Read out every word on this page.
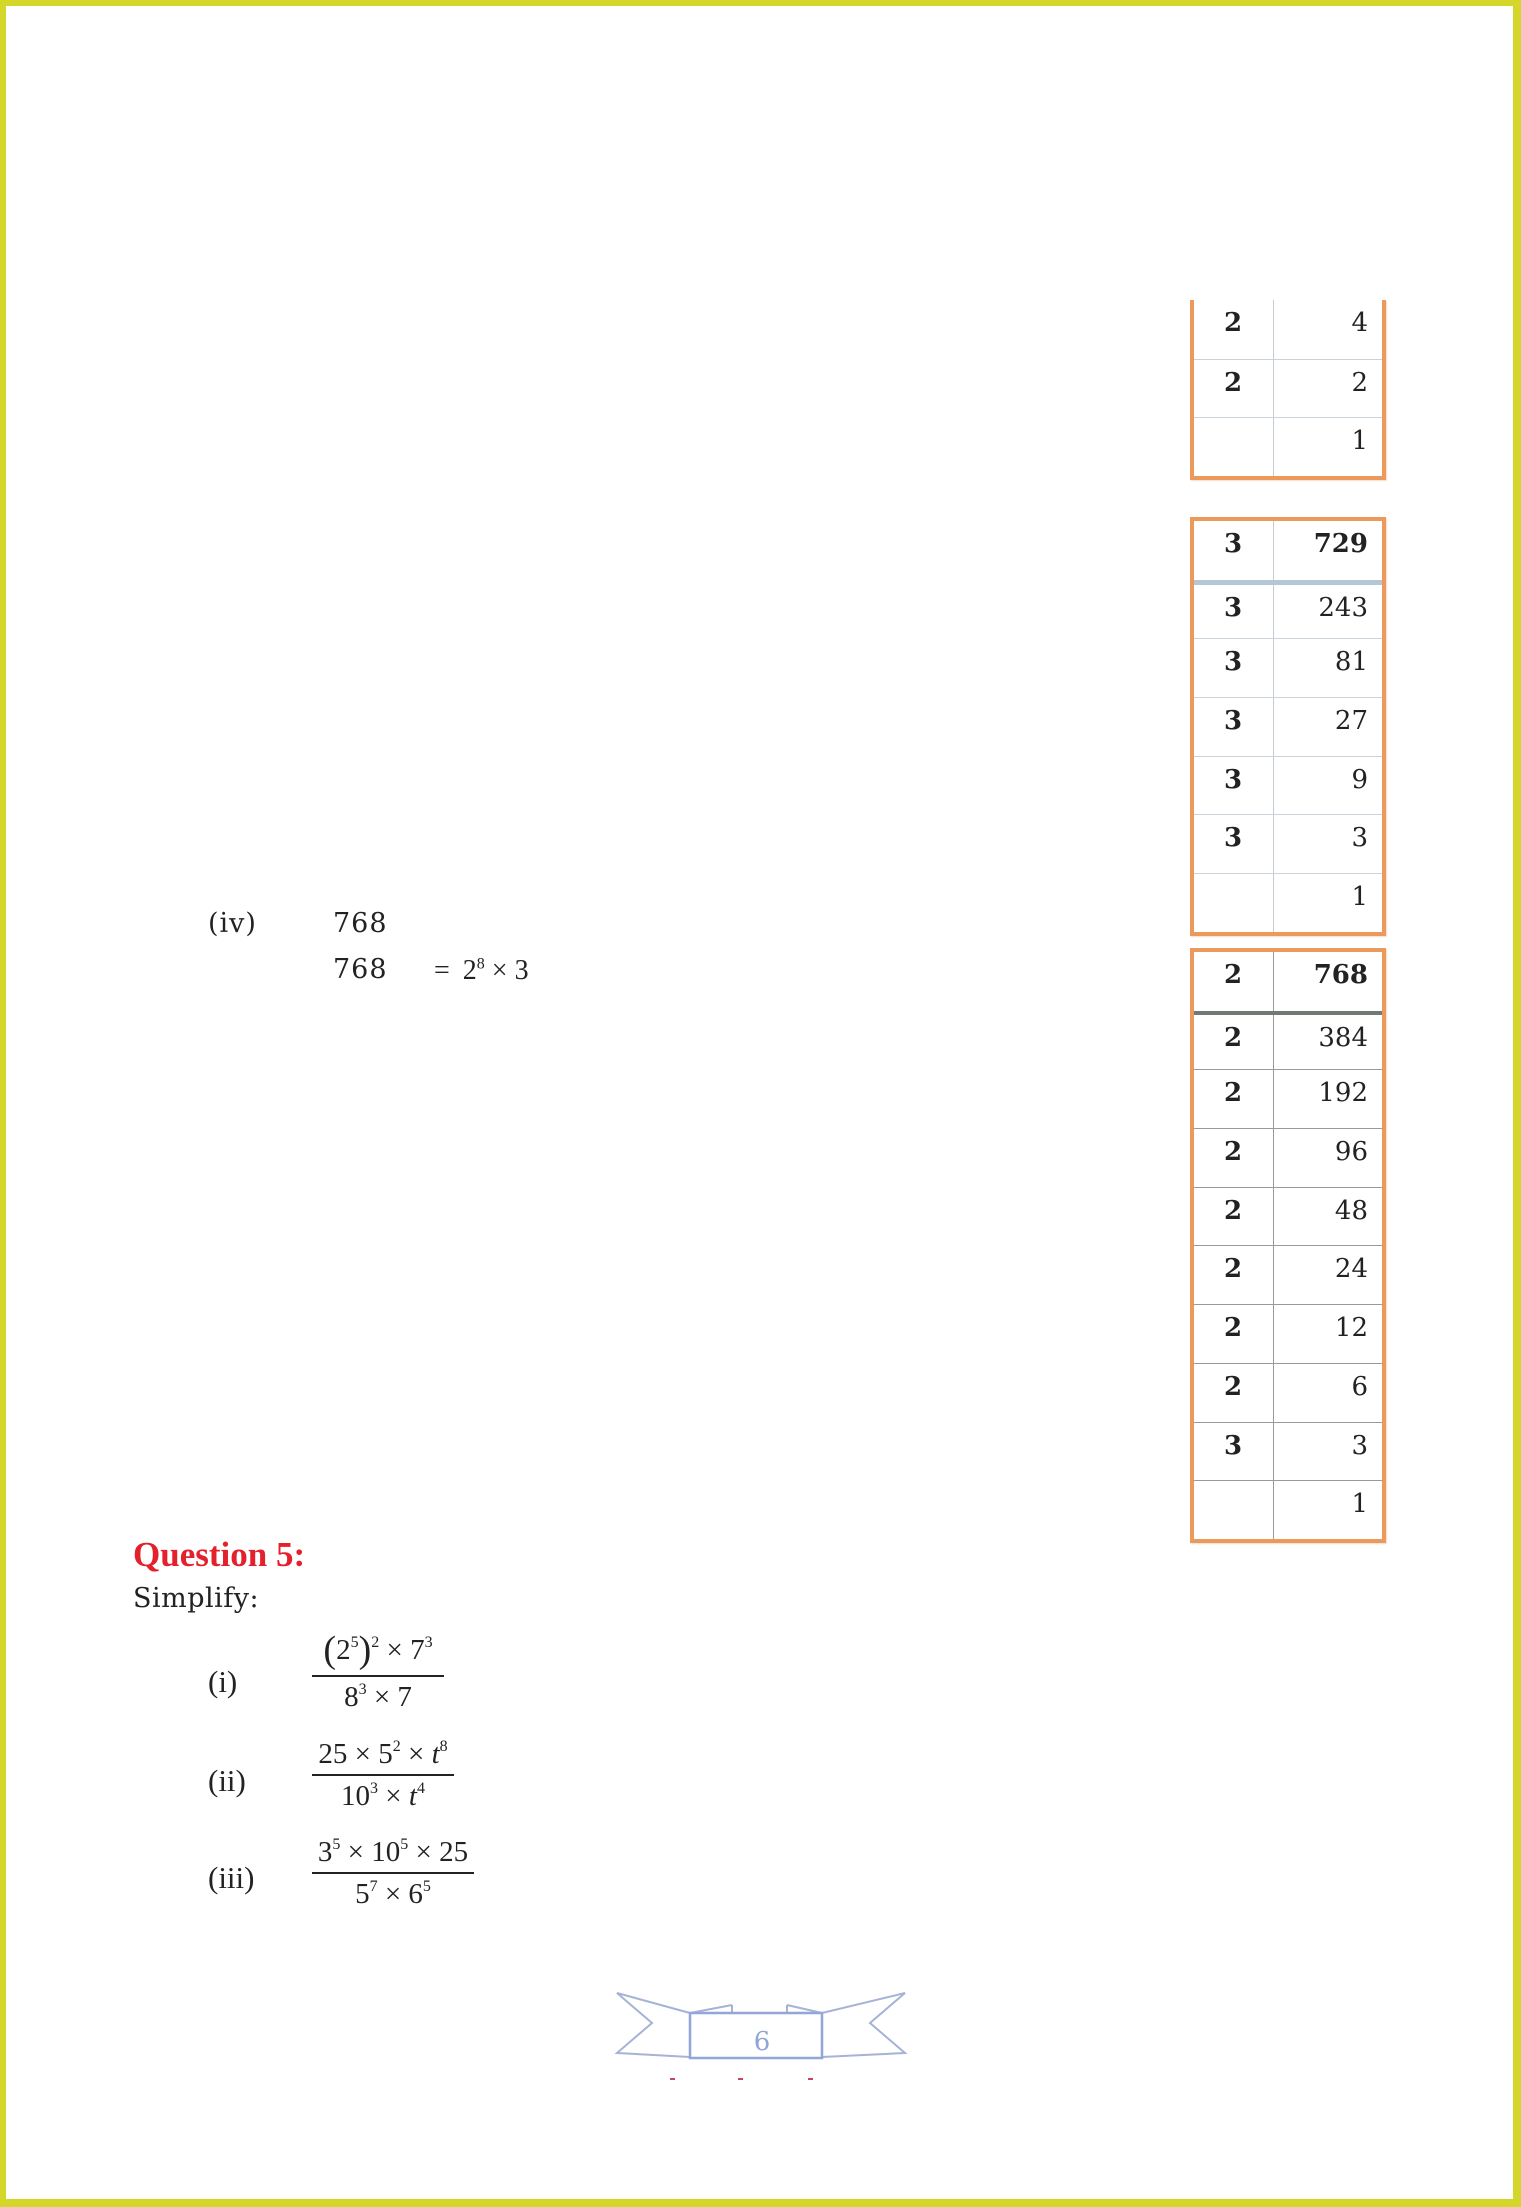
2	4
2	2
1
3	729
3	243
3	81
3	27
3	9
3	3
1
2	768
2	384
2	192
2	96
2	48
2	24
2	12
2	6
3	3
1
(iv)	768
$768 = 2^8 \times 3$
Question 5:
Simplify:
(i)
$(2^5)^2 \times 7^3$
$8^3 \times 7$
(ii)
$25 \times 5^2 \times t^8$
$10^3 \times t^4$
(iii)
$3^5 \times 10^5 \times 25$
$5^7 \times 6^5$
6
